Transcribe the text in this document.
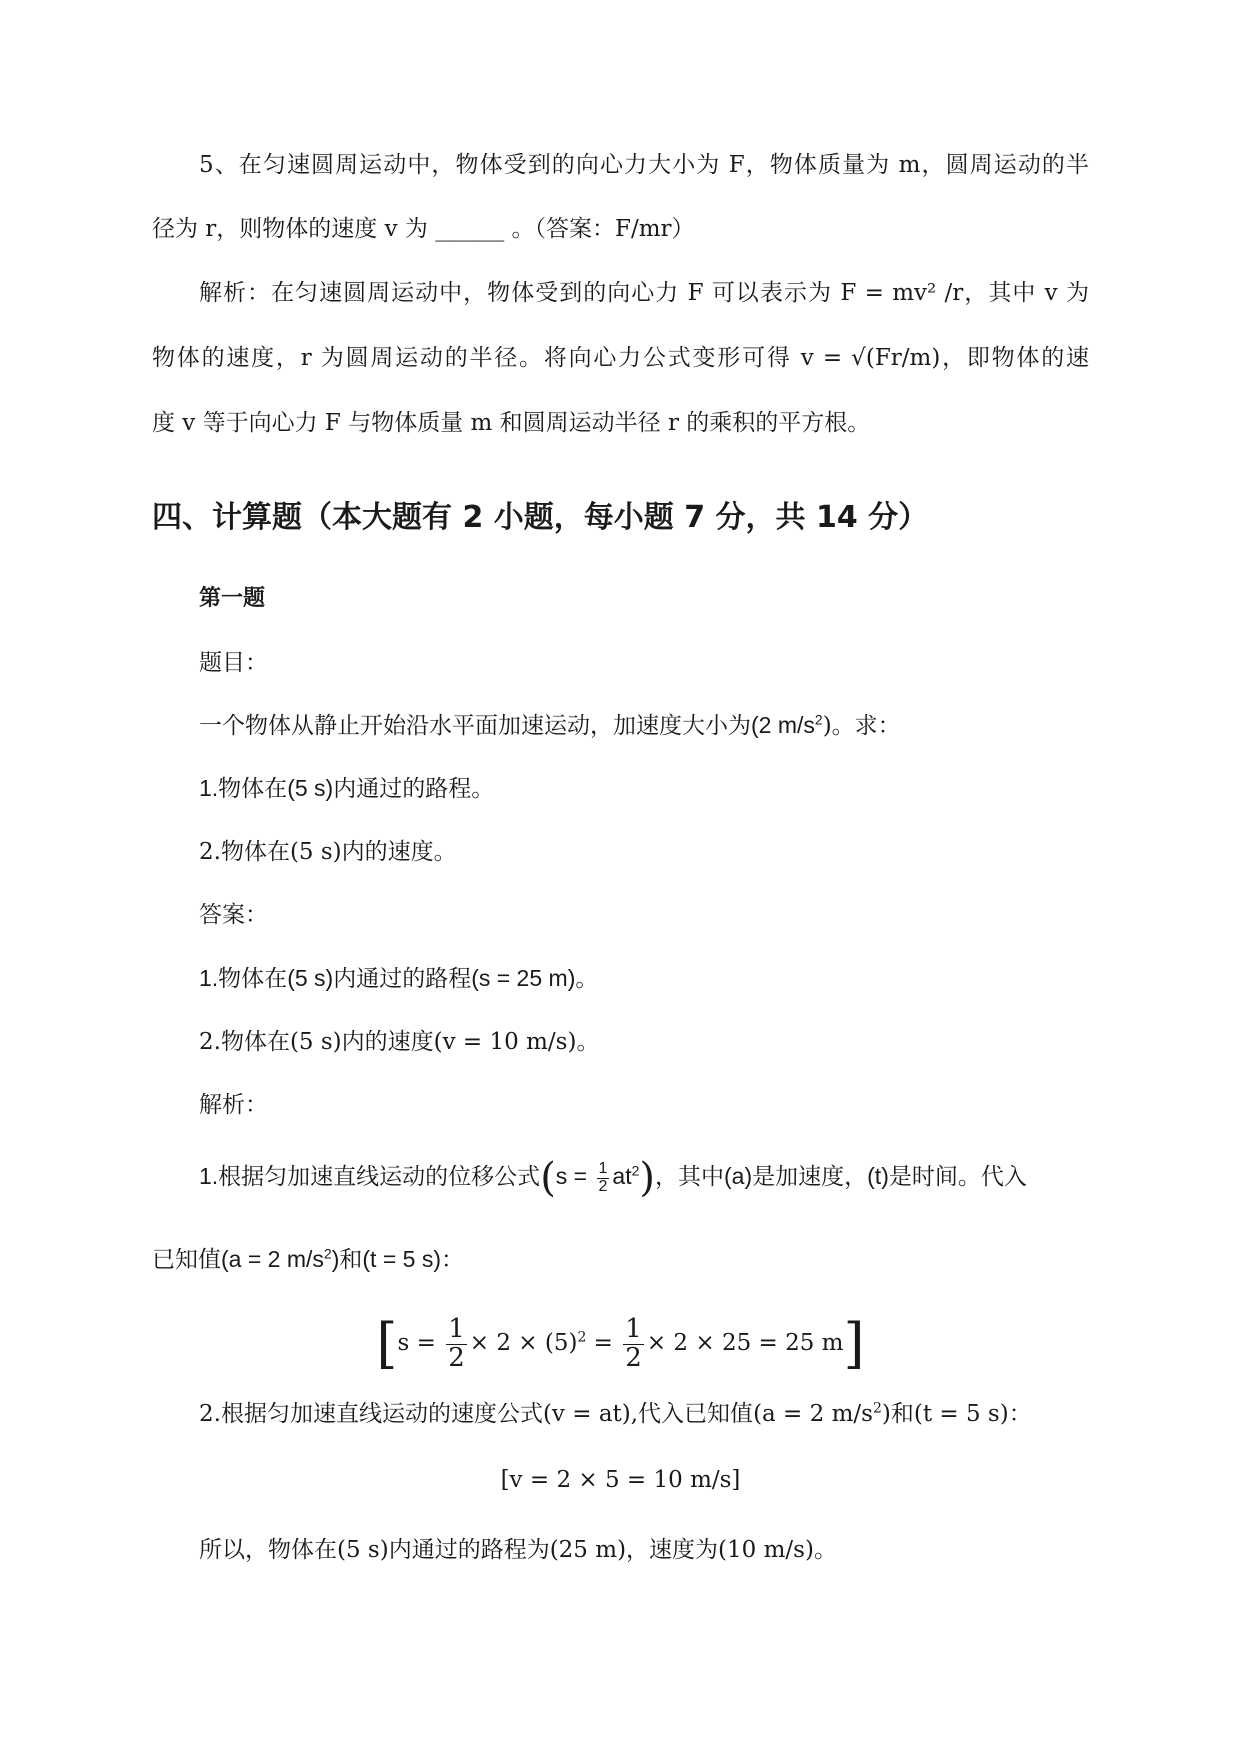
5、在匀速圆周运动中，物体受到的向心力大小为 F，物体质量为 m，圆周运动的半
径为 r，则物体的速度 v 为 ______ 。（答案：F/mr）
解析：在匀速圆周运动中，物体受到的向心力 F 可以表示为 F = mv² /r，其中 v 为
物体的速度，r 为圆周运动的半径。将向心力公式变形可得 v = √(Fr/m)，即物体的速
度 v 等于向心力 F 与物体质量 m 和圆周运动半径 r 的乘积的平方根。
四、计算题（本大题有 2 小题，每小题 7 分，共 14 分）
第一题
题目：
一个物体从静止开始沿水平面加速运动，加速度大小为(2 $m/s^2$)。求：
1.物体在(5 s)内通过的路程。
2.物体在(5 s)内的速度。
答案：
1.物体在(5 s)内通过的路程(s = 25 m)。
2.物体在(5 s)内的速度(v = 10 m/s)。
解析：
1.根据匀加速直线运动的位移公式$(s = \frac{1}{2} at^2)$，其中(a)是加速度，(t)是时间。代入
已知值(a = 2 $m/s^2$)和(t = 5 s)：
[$s = \frac{1}{2} \times 2 \times (5)^2 = \frac{1}{2} \times 2 \times 25 = 25$ m]
2.根据匀加速直线运动的速度公式(v = at),代入已知值(a = 2 $m/s^2$)和(t = 5 s)：
[v = 2 × 5 = 10 m/s]
所以，物体在(5 s)内通过的路程为(25 m)，速度为(10 m/s)。
